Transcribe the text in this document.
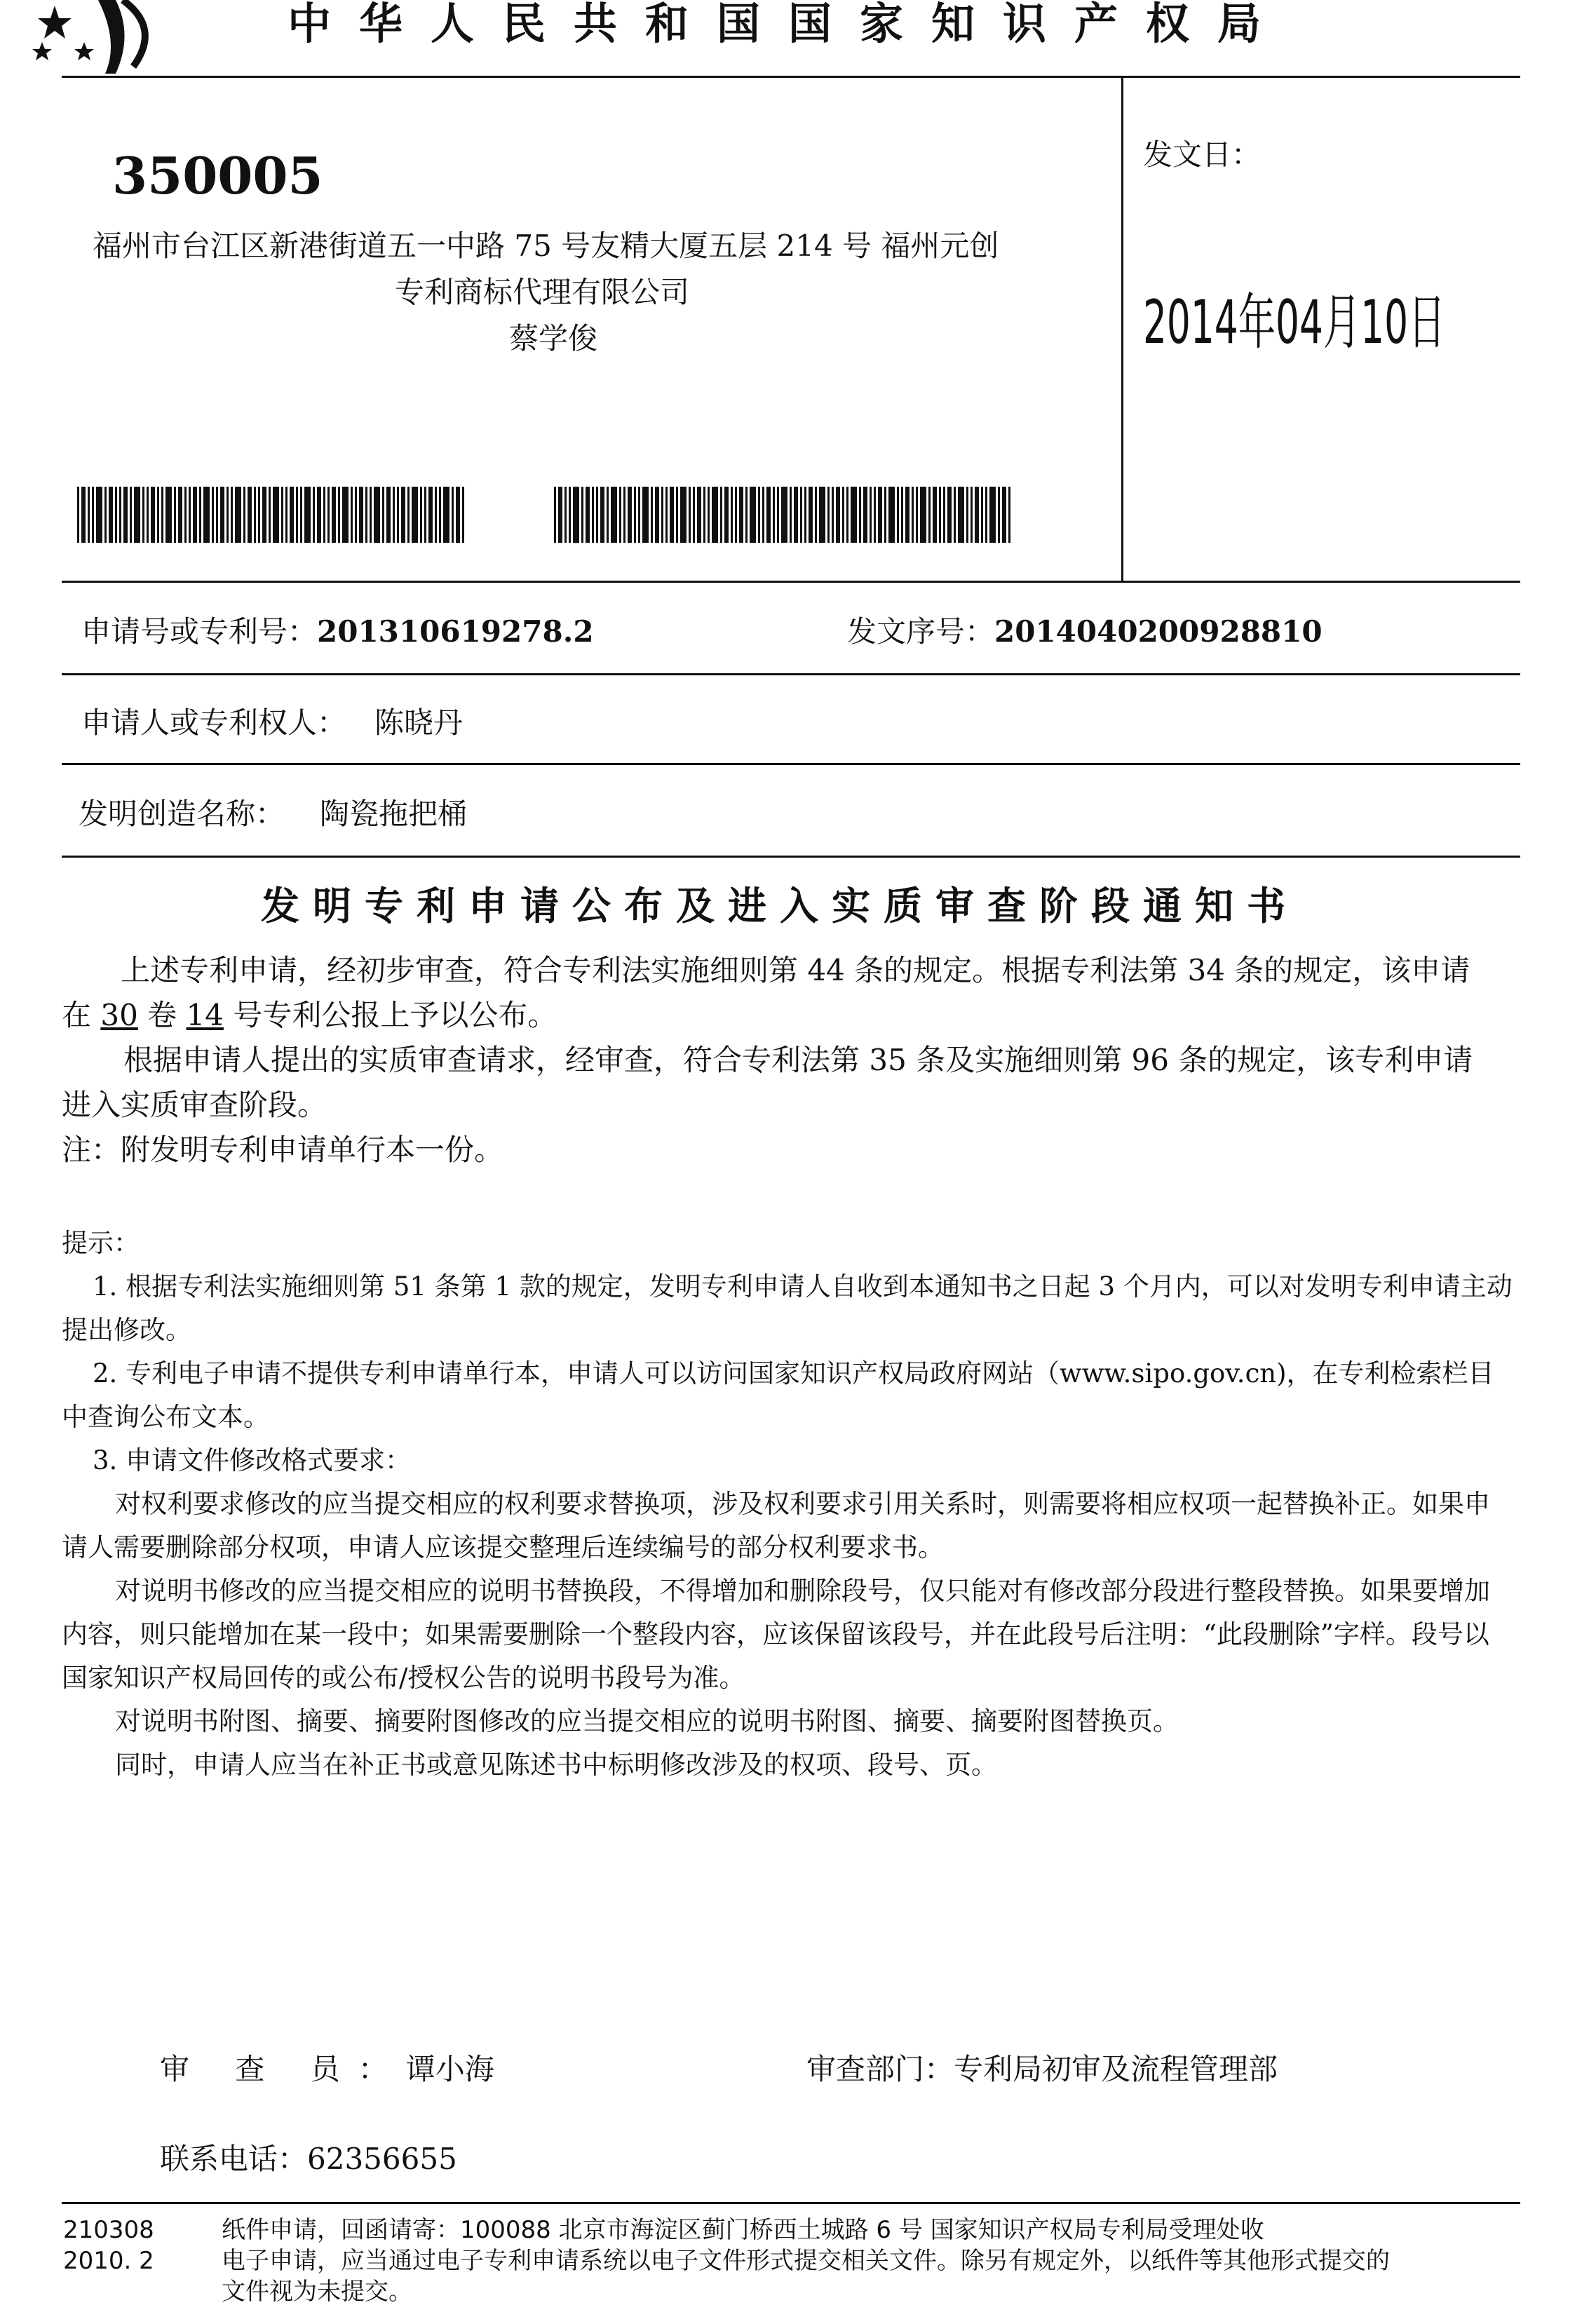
中华人民共和国国家知识产权局
350005
福州市台江区新港街道五一中路 75 号友精大厦五层 214 号 福州元创
专利商标代理有限公司
蔡学俊
发文日：
2014年04月10日
申请号或专利号：201310619278.2	发文序号：2014040200928810
申请人或专利权人： 陈晓丹
发明创造名称： 陶瓷拖把桶
发明专利申请公布及进入实质审查阶段通知书
上述专利申请，经初步审查，符合专利法实施细则第 44 条的规定。根据专利法第 34 条的规定，该申请
在 30 卷 14 号专利公报上予以公布。
根据申请人提出的实质审查请求，经审查，符合专利法第 35 条及实施细则第 96 条的规定，该专利申请
进入实质审查阶段。
注：附发明专利申请单行本一份。
提示：
1. 根据专利法实施细则第 51 条第 1 款的规定，发明专利申请人自收到本通知书之日起 3 个月内，可以对发明专利申请主动
提出修改。
2. 专利电子申请不提供专利申请单行本，申请人可以访问国家知识产权局政府网站（www.sipo.gov.cn)，在专利检索栏目
中查询公布文本。
3. 申请文件修改格式要求：
对权利要求修改的应当提交相应的权利要求替换项，涉及权利要求引用关系时，则需要将相应权项一起替换补正。如果申
请人需要删除部分权项，申请人应该提交整理后连续编号的部分权利要求书。
对说明书修改的应当提交相应的说明书替换段，不得增加和删除段号，仅只能对有修改部分段进行整段替换。如果要增加
内容，则只能增加在某一段中；如果需要删除一个整段内容，应该保留该段号，并在此段号后注明：“此段删除”字样。段号以
国家知识产权局回传的或公布/授权公告的说明书段号为准。
对说明书附图、摘要、摘要附图修改的应当提交相应的说明书附图、摘要、摘要附图替换页。
同时，申请人应当在补正书或意见陈述书中标明修改涉及的权项、段号、页。
审 查 员：谭小海	审查部门：专利局初审及流程管理部
联系电话：62356655
210308
2010. 2
纸件申请，回函请寄：100088 北京市海淀区蓟门桥西土城路 6 号 国家知识产权局专利局受理处收
电子申请，应当通过电子专利申请系统以电子文件形式提交相关文件。除另有规定外，以纸件等其他形式提交的
文件视为未提交。
